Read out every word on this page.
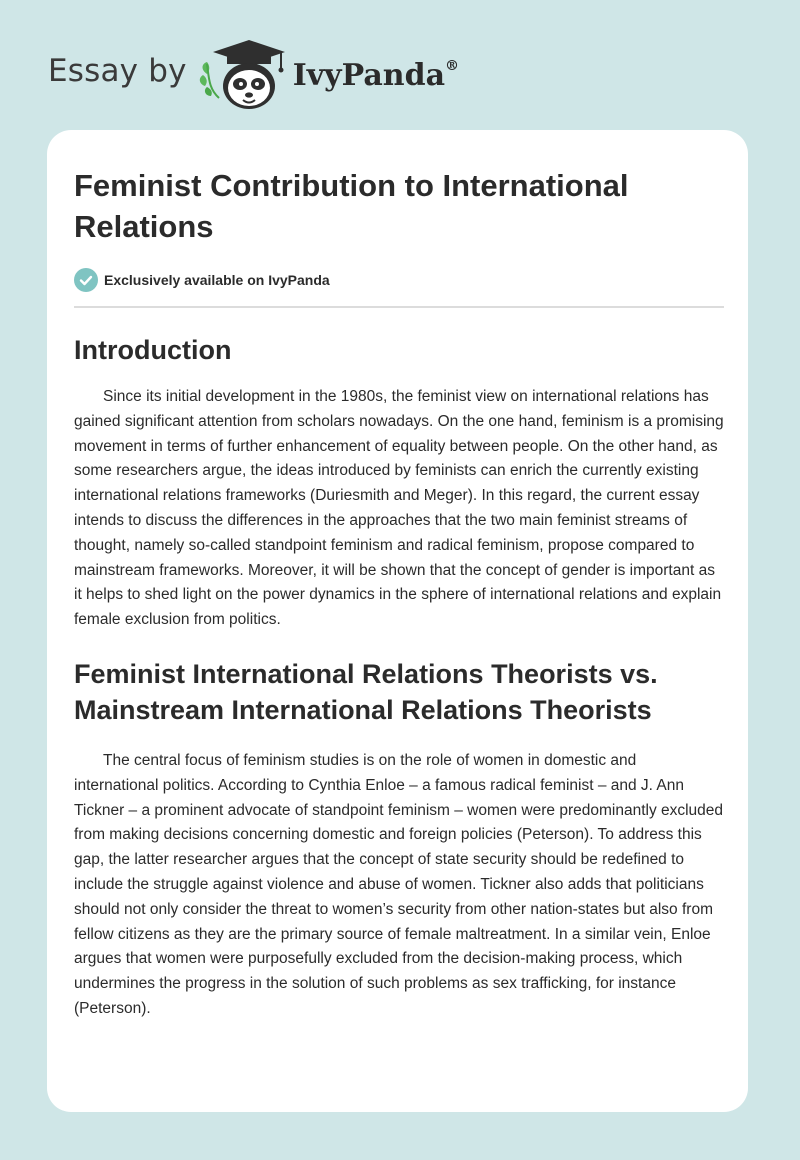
Essay by	IvyPanda®
Feminist Contribution to International Relations
Exclusively available on IvyPanda
Introduction

Since its initial development in the 1980s, the feminist view on international relations has gained significant attention from scholars nowadays. On the one hand, feminism is a promising movement in terms of further enhancement of equality between people. On the other hand, as some researchers argue, the ideas introduced by feminists can enrich the currently existing international relations frameworks (Duriesmith and Meger). In this regard, the current essay intends to discuss the differences in the approaches that the two main feminist streams of thought, namely so-called standpoint feminism and radical feminism, propose compared to mainstream frameworks. Moreover, it will be shown that the concept of gender is important as it helps to shed light on the power dynamics in the sphere of international relations and explain female exclusion from politics.

Feminist International Relations Theorists vs. Mainstream International Relations Theorists

The central focus of feminism studies is on the role of women in domestic and international politics. According to Cynthia Enloe – a famous radical feminist – and J. Ann Tickner – a prominent advocate of standpoint feminism – women were predominantly excluded from making decisions concerning domestic and foreign policies (Peterson). To address this gap, the latter researcher argues that the concept of state security should be redefined to include the struggle against violence and abuse of women. Tickner also adds that politicians should not only consider the threat to women’s security from other nation-states but also from fellow citizens as they are the primary source of female maltreatment. In a similar vein, Enloe argues that women were purposefully excluded from the decision-making process, which undermines the progress in the solution of such problems as sex trafficking, for instance (Peterson).
